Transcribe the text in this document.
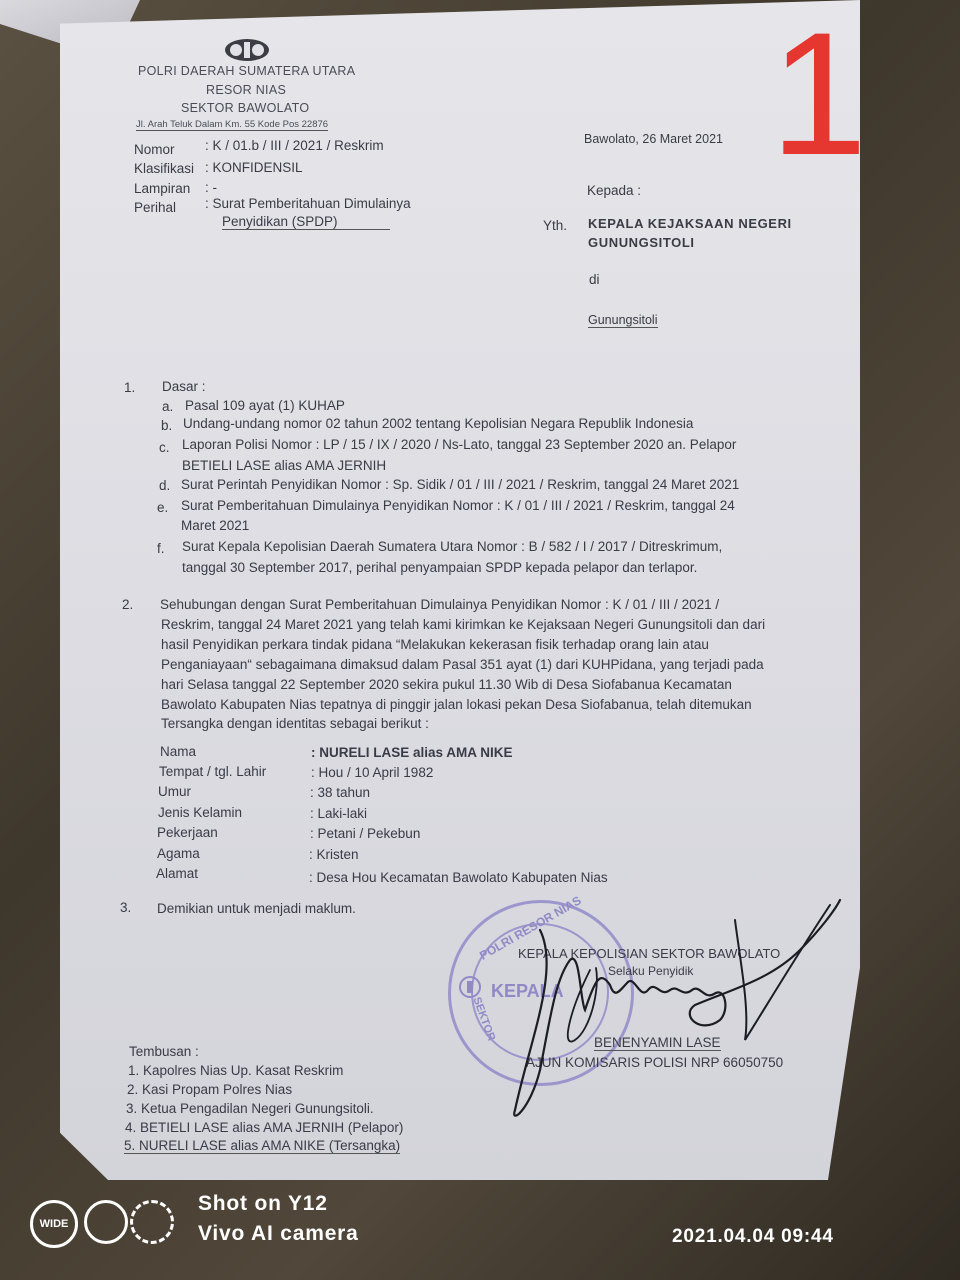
1
POLRI DAERAH SUMATERA UTARA
RESOR NIAS
SEKTOR BAWOLATO
Jl. Arah Teluk Dalam Km. 55 Kode Pos 22876
Nomor : K / 01.b / III / 2021 / Reskrim
Klasifikasi : KONFIDENSIL
Lampiran : -
Perihal : Surat Pemberitahuan Dimulainya
Penyidikan (SPDP)
Bawolato, 26 Maret 2021
Kepada :
Yth. KEPALA KEJAKSAAN NEGERI
GUNUNGSITOLI
di
Gunungsitoli
1. Dasar :
a. Pasal 109 ayat (1) KUHAP
b. Undang-undang nomor 02 tahun 2002 tentang Kepolisian Negara Republik Indonesia
c. Laporan Polisi Nomor : LP / 15 / IX / 2020 / Ns-Lato, tanggal 23 September 2020 an. Pelapor
BETIELI LASE alias AMA JERNIH
d. Surat Perintah Penyidikan Nomor : Sp. Sidik / 01 / III / 2021 / Reskrim, tanggal 24 Maret 2021
e. Surat Pemberitahuan Dimulainya Penyidikan Nomor : K / 01 / III / 2021 / Reskrim, tanggal 24
Maret 2021
f. Surat Kepala Kepolisian Daerah Sumatera Utara Nomor : B / 582 / I / 2017 / Ditreskrimum,
tanggal 30 September 2017, perihal penyampaian SPDP kepada pelapor dan terlapor.
2. Sehubungan dengan Surat Pemberitahuan Dimulainya Penyidikan Nomor : K / 01 / III / 2021 /
Reskrim, tanggal 24 Maret 2021 yang telah kami kirimkan ke Kejaksaan Negeri Gunungsitoli dan dari
hasil Penyidikan perkara tindak pidana “Melakukan kekerasan fisik terhadap orang lain atau
Penganiayaan“ sebagaimana dimaksud dalam Pasal 351 ayat (1) dari KUHPidana, yang terjadi pada
hari Selasa tanggal 22 September 2020 sekira pukul 11.30 Wib di Desa Siofabanua Kecamatan
Bawolato Kabupaten Nias tepatnya di pinggir jalan lokasi pekan Desa Siofabanua, telah ditemukan
Tersangka dengan identitas sebagai berikut :
Nama	: NURELI LASE alias AMA NIKE
Tempat / tgl. Lahir	: Hou / 10 April 1982
Umur	: 38 tahun
Jenis Kelamin	: Laki-laki
Pekerjaan	: Petani / Pekebun
Agama	: Kristen
Alamat	: Desa Hou Kecamatan Bawolato Kabupaten Nias
3. Demikian untuk menjadi maklum.	POLRI RESOR NIAS
KEPALA
SEKTOR
KEPALA KEPOLISIAN SEKTOR BAWOLATO
Selaku Penyidik
BENENYAMIN LASE
AJUN KOMISARIS POLISI NRP 66050750
Tembusan :
1. Kapolres Nias Up. Kasat Reskrim
2. Kasi Propam Polres Nias
3. Ketua Pengadilan Negeri Gunungsitoli.
4. BETIELI LASE alias AMA JERNIH (Pelapor)
5. NURELI LASE alias AMA NIKE (Tersangka)
WIDE
Shot on Y12
Vivo AI camera	2021.04.04 09:44
